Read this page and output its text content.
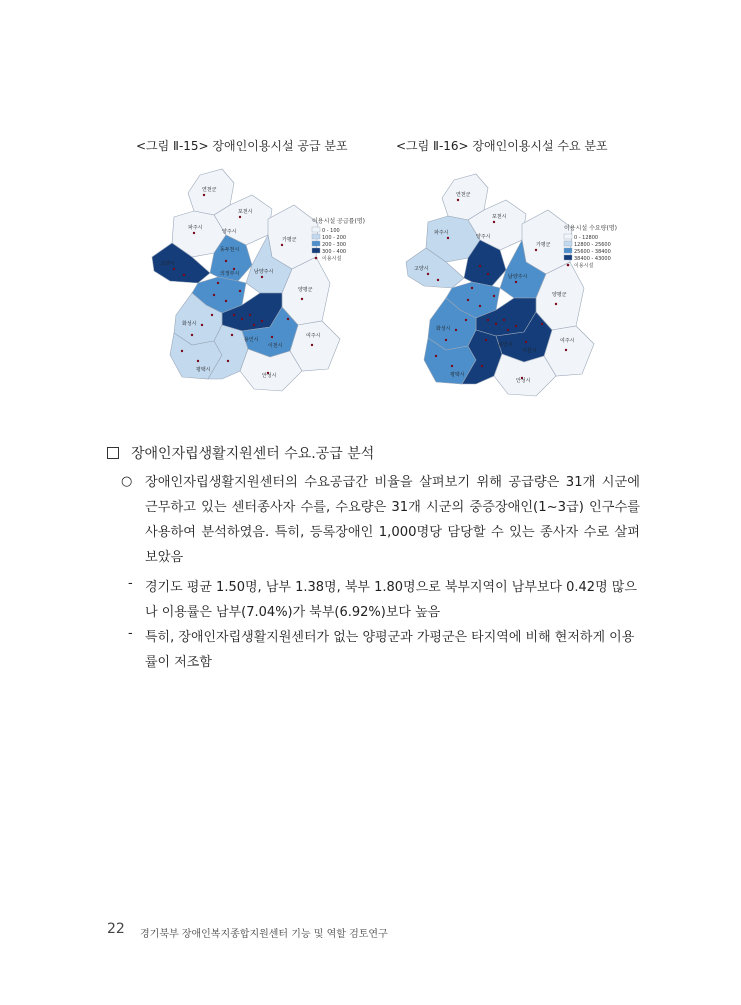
<그림 Ⅱ-15> 장애인이용시설 공급 분포	<그림 Ⅱ-16> 장애인이용시설 수요 분포
연천군
포천시
파주시
양주시
가평군
동두천시
고양시
의정부시	남양주시
양평군
여주시
이천시
안성시
평택시
화성시
용인시
이용시설 공급률(명)
0 - 100
100 - 200
200 - 300
300 - 400
이용시설
연천군
포천시
파주시
양주시
가평군
고양시
남양주시
양평군
여주시
이천시
안성시
평택시
화성시
용인시
이용시설 수요량(명)
0 - 12800
12800 - 25600
25600 - 38400
38400 - 43000
이용시설
장애인자립생활지원센터 수요.공급 분석
○ 장애인자립생활지원센터의 수요공급간 비율을 살펴보기 위해 공급량은 31개 시군에 근무하고 있는 센터종사자 수를, 수요량은 31개 시군의 중증장애인(1~3급) 인구수를 사용하여 분석하였음. 특히, 등록장애인 1,000명당 담당할 수 있는 종사자 수로 살펴보았음
- 경기도 평균 1.50명, 남부 1.38명, 북부 1.80명으로 북부지역이 남부보다 0.42명 많으나 이용률은 남부(7.04%)가 북부(6.92%)보다 높음
- 특히, 장애인자립생활지원센터가 없는 양평군과 가평군은 타지역에 비해 현저하게 이용률이 저조함
22 경기북부 장애인복지종합지원센터 기능 및 역할 검토연구
